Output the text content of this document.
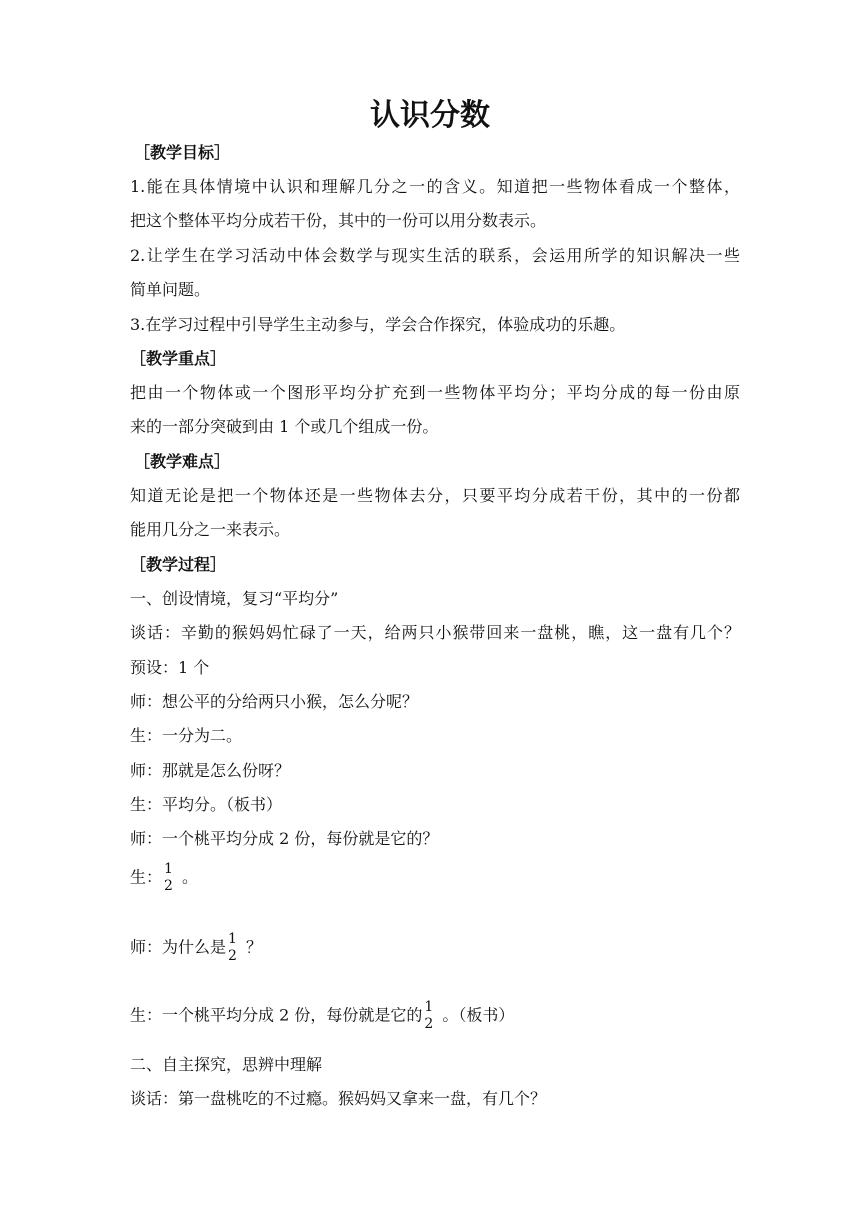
认识分数
［教学目标］
1.能在具体情境中认识和理解几分之一的含义。知道把一些物体看成一个整体，
把这个整体平均分成若干份，其中的一份可以用分数表示。
2.让学生在学习活动中体会数学与现实生活的联系，会运用所学的知识解决一些
简单问题。
3.在学习过程中引导学生主动参与，学会合作探究，体验成功的乐趣。
［教学重点］
把由一个物体或一个图形平均分扩充到一些物体平均分；平均分成的每一份由原
来的一部分突破到由 1 个或几个组成一份。
［教学难点］
知道无论是把一个物体还是一些物体去分，只要平均分成若干份，其中的一份都
能用几分之一来表示。
［教学过程］
一、创设情境，复习“平均分”
谈话：辛勤的猴妈妈忙碌了一天，给两只小猴带回来一盘桃，瞧，这一盘有几个？
预设：1 个
师：想公平的分给两只小猴，怎么分呢？
生：一分为二。
师：那就是怎么份呀？
生：平均分。（板书）
师：一个桃平均分成 2 份，每份就是它的？
生： 1
2 。
师：为什么是 1
2 ？
生：一个桃平均分成 2 份，每份就是它的 1
2 。（板书）
二、自主探究，思辨中理解
谈话：第一盘桃吃的不过瘾。猴妈妈又拿来一盘，有几个？
